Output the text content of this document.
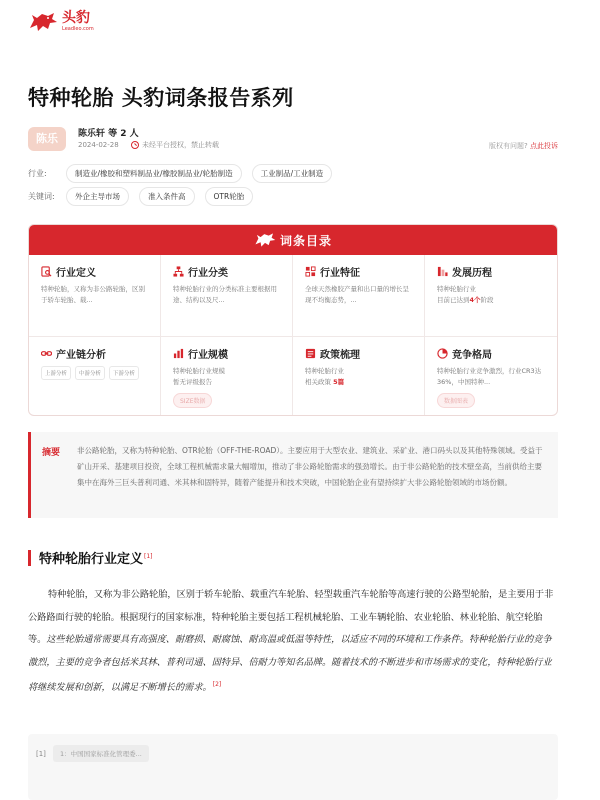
头豹
Leadleo.com
特种轮胎 头豹词条报告系列
陈乐	陈乐轩 等 2 人
2024-02-28	未经平台授权，禁止转载	版权有问题? 点此投诉
行业:	制造业/橡胶和塑料制品业/橡胶制品业/轮胎制造	工业制品/工业制造
关键词:	外企主导市场	准入条件高	OTR轮胎
词条目录
行业定义
特种轮胎，又称为非公路轮胎，区别于轿车轮胎、载...
行业分类
特种轮胎行业的分类标准主要根据用途、结构以及尺...
行业特征
全球天然橡胶产量和出口量的增长呈现不均衡态势，...
发展历程
特种轮胎行业
目前已达到4个阶段
产业链分析
上游分析	中游分析	下游分析
行业规模
特种轮胎行业规模
暂无评级报告
SIZE数据
政策梳理
特种轮胎行业
相关政策 5篇
竞争格局
特种轮胎行业竞争激烈，行业CR3达36%，中国特种...
数据图表
摘要 非公路轮胎，又称为特种轮胎、OTR轮胎（OFF-THE-ROAD）。主要应用于大型农业、建筑业、采矿业、港口码头以及其他特殊领域。受益于矿山开采、基建项目投资，全球工程机械需求量大幅增加，推动了非公路轮胎需求的强劲增长。由于非公路轮胎的技术壁垒高，当前供给主要集中在海外三巨头普利司通、米其林和固特异，随着产能提升和技术突破，中国轮胎企业有望持续扩大非公路轮胎领域的市场份额。

特种轮胎行业定义[1]

特种轮胎，又称为非公路轮胎，区别于轿车轮胎、载重汽车轮胎、轻型载重汽车轮胎等高速行驶的公路型轮胎，是主要用于非公路路面行驶的轮胎。根据现行的国家标准，特种轮胎主要包括工程机械轮胎、工业车辆轮胎、农业轮胎、林业轮胎、航空轮胎等。这些轮胎通常需要具有高强度、耐磨损、耐腐蚀、耐高温或低温等特性，以适应不同的环境和工作条件。特种轮胎行业的竞争激烈，主要的竞争者包括米其林、普利司通、固特异、倍耐力等知名品牌。随着技术的不断进步和市场需求的变化，特种轮胎行业将继续发展和创新，以满足不断增长的需求。[2]

[1]	1：中国国家标准化管理委...
